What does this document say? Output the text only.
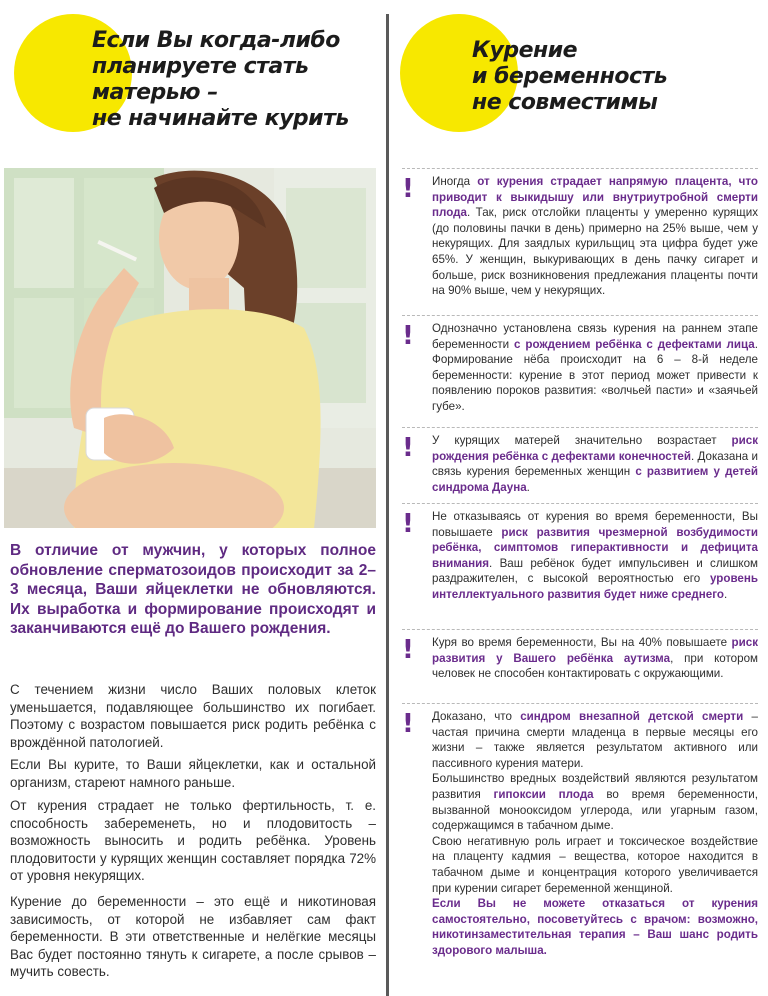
Если Вы когда-либо
планируете стать
матерью –
не начинайте курить
Курение
и беременность
не совместимы
В отличие от мужчин, у которых полное обновление сперматозоидов происходит за 2–3 месяца, Ваши яйцеклетки не обновляются. Их выработка и формирование происходят и заканчиваются ещё до Вашего рождения.
С течением жизни число Ваших половых клеток уменьшается, подавляющее большинство их погибает. Поэтому с возрастом повышается риск родить ребёнка с врождённой патологией.
Если Вы курите, то Ваши яйцеклетки, как и остальной организм, стареют намного раньше.
От курения страдает не только фертильность, т. е. способность забеременеть, но и плодовитость – возможность выносить и родить ребёнка. Уровень плодовитости у курящих женщин составляет порядка 72% от уровня некурящих.
Курение до беременности – это ещё и никотиновая зависимость, от которой не избавляет сам факт беременности. В эти ответственные и нелёгкие месяцы Вас будет постоянно тянуть к сигарете, а после срывов – мучить совесть.
! Иногда от курения страдает напрямую плацента, что приводит к выкидышу или внутриутробной смерти плода. Так, риск отслойки плаценты у умеренно курящих (до половины пачки в день) примерно на 25% выше, чем у некурящих. Для заядлых курильщиц эта цифра будет уже 65%. У женщин, выкуривающих в день пачку сигарет и больше, риск возникновения предлежания плаценты почти на 90% выше, чем у некурящих.
! Однозначно установлена связь курения на раннем этапе беременности с рождением ребёнка с дефектами лица. Формирование нёба происходит на 6 – 8-й неделе беременности: курение в этот период может привести к появлению пороков развития: «волчьей пасти» и «заячьей губе».
! У курящих матерей значительно возрастает риск рождения ребёнка с дефектами конечностей. Доказана и связь курения беременных женщин с развитием у детей синдрома Дауна.
! Не отказываясь от курения во время беременности, Вы повышаете риск развития чрезмерной возбудимости ребёнка, симптомов гиперактивности и дефицита внимания. Ваш ребёнок будет импульсивен и слишком раздражителен, с высокой вероятностью его уровень интеллектуального развития будет ниже среднего.
! Куря во время беременности, Вы на 40% повышаете риск развития у Вашего ребёнка аутизма, при котором человек не способен контактировать с окружающими.
! Доказано, что синдром внезапной детской смерти – частая причина смерти младенца в первые месяцы его жизни – также является результатом активного или пассивного курения матери.
Большинство вредных воздействий являются результатом развития гипоксии плода во время беременности, вызванной монооксидом углерода, или угарным газом, содержащимся в табачном дыме.
Свою негативную роль играет и токсическое воздействие на плаценту кадмия – вещества, которое находится в табачном дыме и концентрация которого увеличивается при курении сигарет беременной женщиной.
Если Вы не можете отказаться от курения самостоятельно, посоветуйтесь с врачом: возможно, никотинзаместительная терапия – Ваш шанс родить здорового малыша.
